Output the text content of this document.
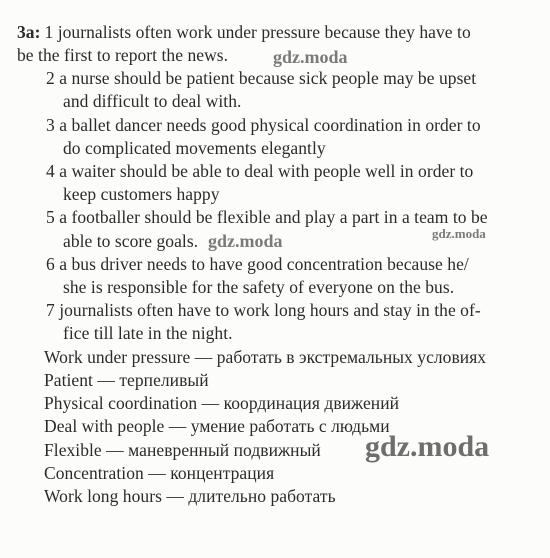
3a: 1 journalists often work under pressure because they have to
be the first to report the news.
2 a nurse should be patient because sick people may be upset
and difficult to deal with.
3 a ballet dancer needs good physical coordination in order to
do complicated movements elegantly
4 a waiter should be able to deal with people well in order to
keep customers happy
5 a footballer should be flexible and play a part in a team to be
able to score goals.
6 a bus driver needs to have good concentration because he/
she is responsible for the safety of everyone on the bus.
7 journalists often have to work long hours and stay in the of-
fice till late in the night.
Work under pressure — работать в экстремальных условиях
Patient — терпеливый
Physical coordination — координация движений
Deal with people — умение работать с людьми
Flexible — маневренный подвижный
Concentration — концентрация
Work long hours — длительно работать
gdz.moda
gdz.moda	gdz.moda
gdz.moda
